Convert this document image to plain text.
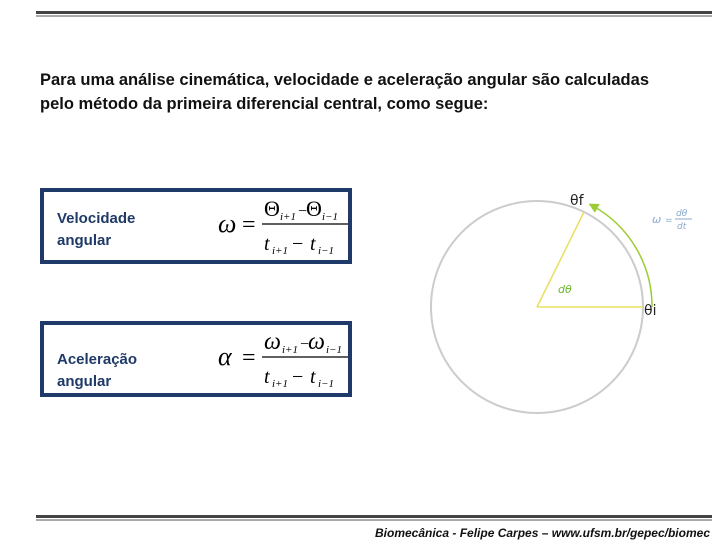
Para uma análise cinemática, velocidade e aceleração angular são calculadas pelo método da primeira diferencial central, como segue:
Velocidade
angular
ω =
Θ i+1 −
Θ i−1
t i+1 − t i−1
Aceleração
angular
α =
ω i+1 −
ω i−1
t i+1 − t i−1
θf
θi
dθ
ω =
dθ
dt
Biomecânica - Felipe Carpes – www.ufsm.br/gepec/biomec
